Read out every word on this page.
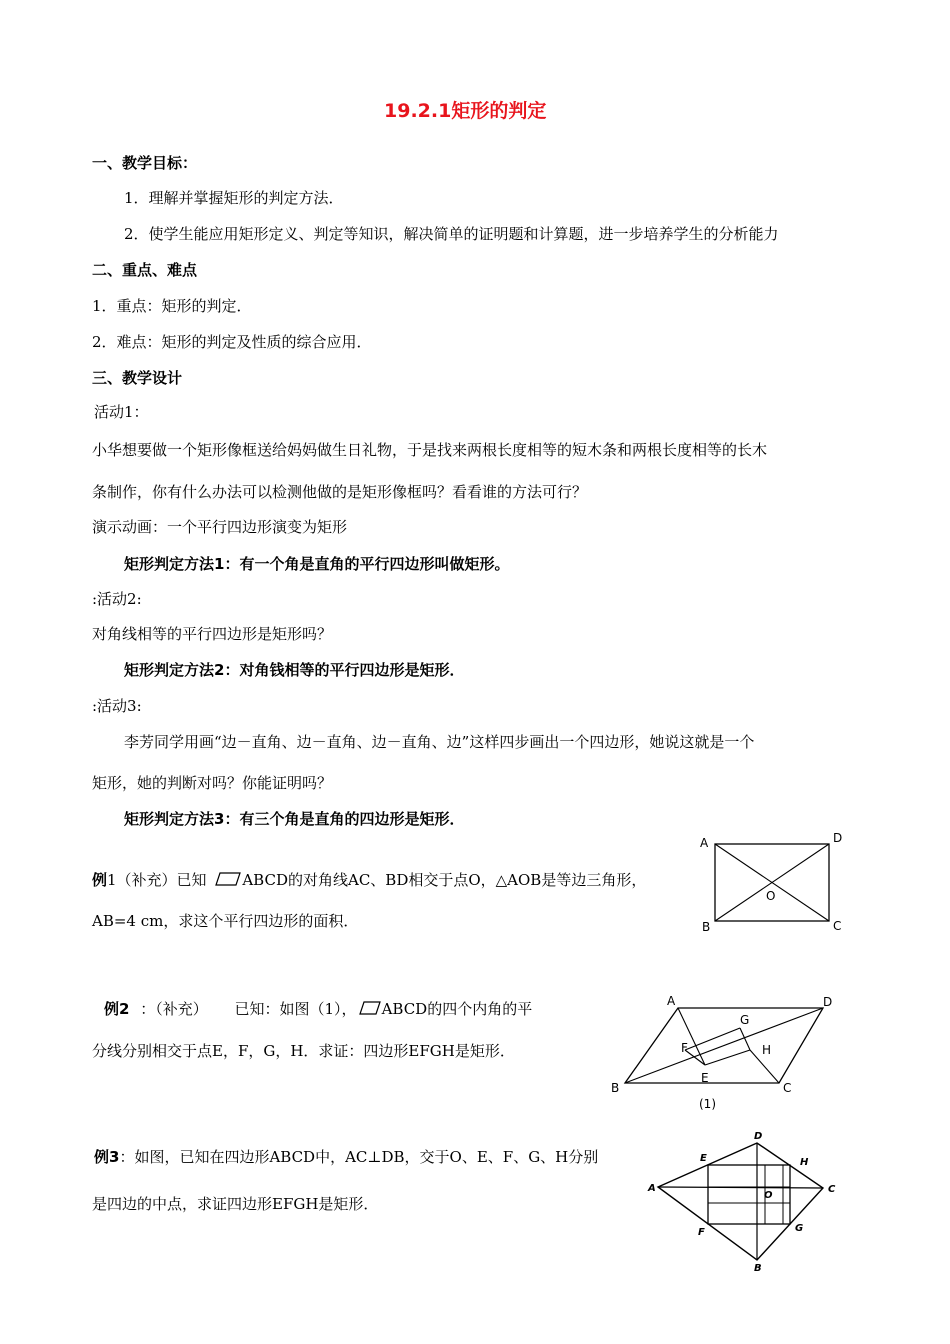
19.2.1矩形的判定
一、教学目标：
1．理解并掌握矩形的判定方法．
2．使学生能应用矩形定义、判定等知识，解决简单的证明题和计算题，进一步培养学生的分析能力
二、重点、难点
1．重点：矩形的判定．
2．难点：矩形的判定及性质的综合应用．
三、教学设计
活动1：
小华想要做一个矩形像框送给妈妈做生日礼物，于是找来两根长度相等的短木条和两根长度相等的长木
条制作，你有什么办法可以检测他做的是矩形像框吗？看看谁的方法可行？
演示动画：一个平行四边形演变为矩形
矩形判定方法1：有一个角是直角的平行四边形叫做矩形。
:活动2:
对角线相等的平行四边形是矩形吗？
矩形判定方法2：对角钱相等的平行四边形是矩形．
:活动3:
李芳同学用画“边－直角、边－直角、边－直角、边”这样四步画出一个四边形，她说这就是一个
矩形，她的判断对吗？你能证明吗？
矩形判定方法3：有三个角是直角的四边形是矩形．
例1（补充）已知 ABCD的对角线AC、BD相交于点O，△AOB是等边三角形，
AB=4 cm，求这个平行四边形的面积．
A	D
B	C
O
例2 ：（补充） 已知：如图（1）， ABCD的四个内角的平
分线分别相交于点E，F，G，H．求证：四边形EFGH是矩形．
A	D
B	C
G
F	H
E
(1)
例3：如图，已知在四边形ABCD中，AC⊥DB，交于O、E、F、G、H分别
是四边的中点，求证四边形EFGH是矩形．
A
D
C
B
E	H
F	G
O
